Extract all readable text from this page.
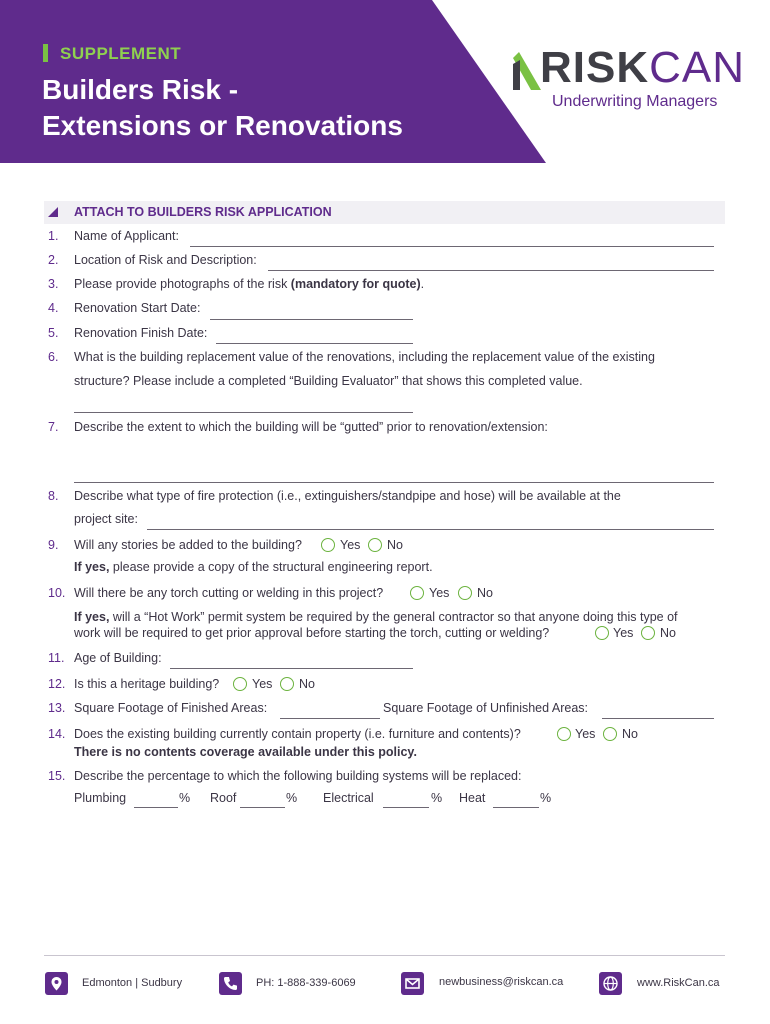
SUPPLEMENT
Builders Risk -
Extensions or Renovations
RISKCAN
Underwriting Managers
ATTACH TO BUILDERS RISK APPLICATION
1. Name of Applicant:
2. Location of Risk and Description:
3. Please provide photographs of the risk (mandatory for quote).
4. Renovation Start Date:
5. Renovation Finish Date:
6. What is the building replacement value of the renovations, including the replacement value of the existing
structure? Please include a completed “Building Evaluator” that shows this completed value.
7. Describe the extent to which the building will be “gutted” prior to renovation/extension:
8. Describe what type of fire protection (i.e., extinguishers/standpipe and hose) will be available at the
project site:
9. Will any stories be added to the building?	Yes No
If yes, please provide a copy of the structural engineering report.
10. Will there be any torch cutting or welding in this project?	Yes No
If yes, will a “Hot Work” permit system be required by the general contractor so that anyone doing this type of
work will be required to get prior approval before starting the torch, cutting or welding?	Yes No
11. Age of Building:
12. Is this a heritage building?	Yes No
13. Square Footage of Finished Areas:	Square Footage of Unfinished Areas:
14. Does the existing building currently contain property (i.e. furniture and contents)?	Yes No
There is no contents coverage available under this policy.
15. Describe the percentage to which the following building systems will be replaced:
Plumbing	% Roof	% Electrical	% Heat	%
Edmonton | Sudbury	PH: 1-888-339-6069	newbusiness@riskcan.ca	www.RiskCan.ca
